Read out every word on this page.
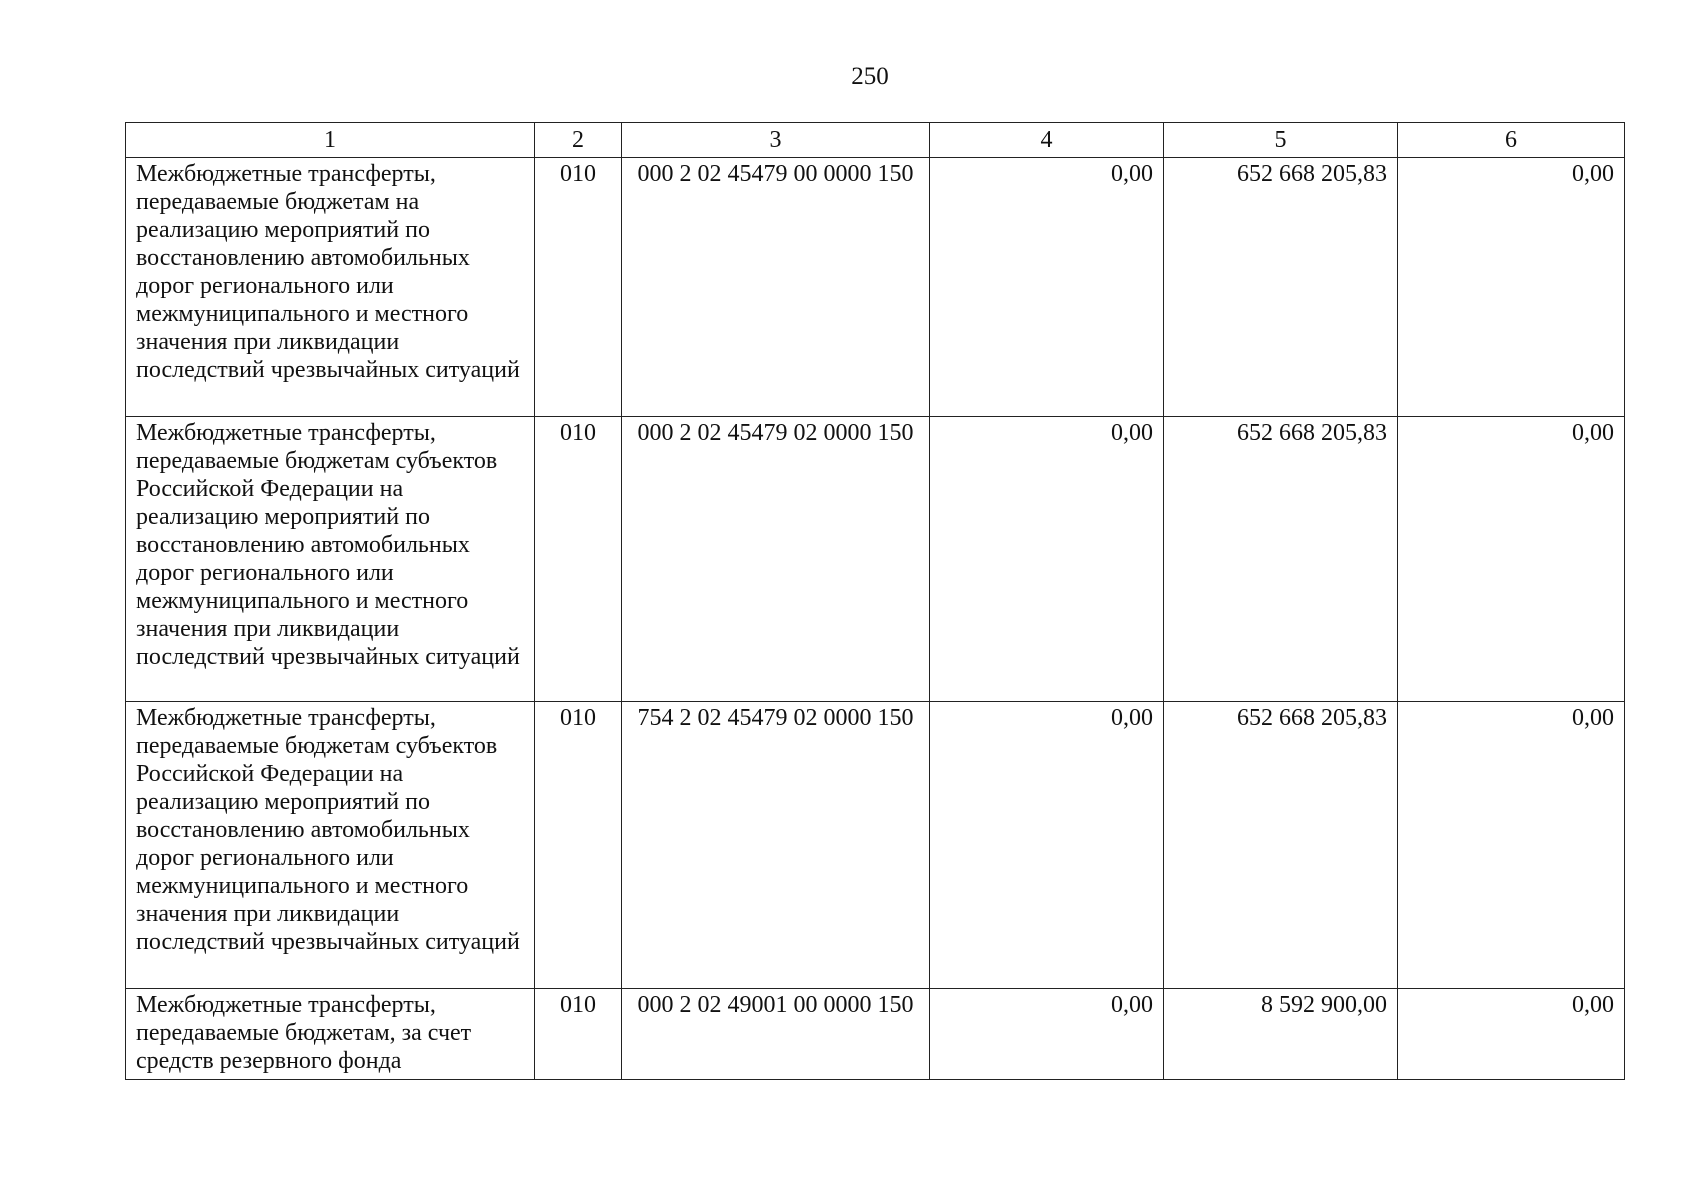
250
1	2	3	4	5	6
Межбюджетные трансферты, передаваемые бюджетам на реализацию мероприятий по восстановлению автомобильных дорог регионального или межмуниципального и местного значения при ликвидации последствий чрезвычайных ситуаций	010	000 2 02 45479 00 0000 150	0,00	652 668 205,83	0,00
Межбюджетные трансферты, передаваемые бюджетам субъектов Российской Федерации на реализацию мероприятий по восстановлению автомобильных дорог регионального или межмуниципального и местного значения при ликвидации последствий чрезвычайных ситуаций	010	000 2 02 45479 02 0000 150	0,00	652 668 205,83	0,00
Межбюджетные трансферты, передаваемые бюджетам субъектов Российской Федерации на реализацию мероприятий по восстановлению автомобильных дорог регионального или межмуниципального и местного значения при ликвидации последствий чрезвычайных ситуаций	010	754 2 02 45479 02 0000 150	0,00	652 668 205,83	0,00
Межбюджетные трансферты, передаваемые бюджетам, за счет средств резервного фонда	010	000 2 02 49001 00 0000 150	0,00	8 592 900,00	0,00
